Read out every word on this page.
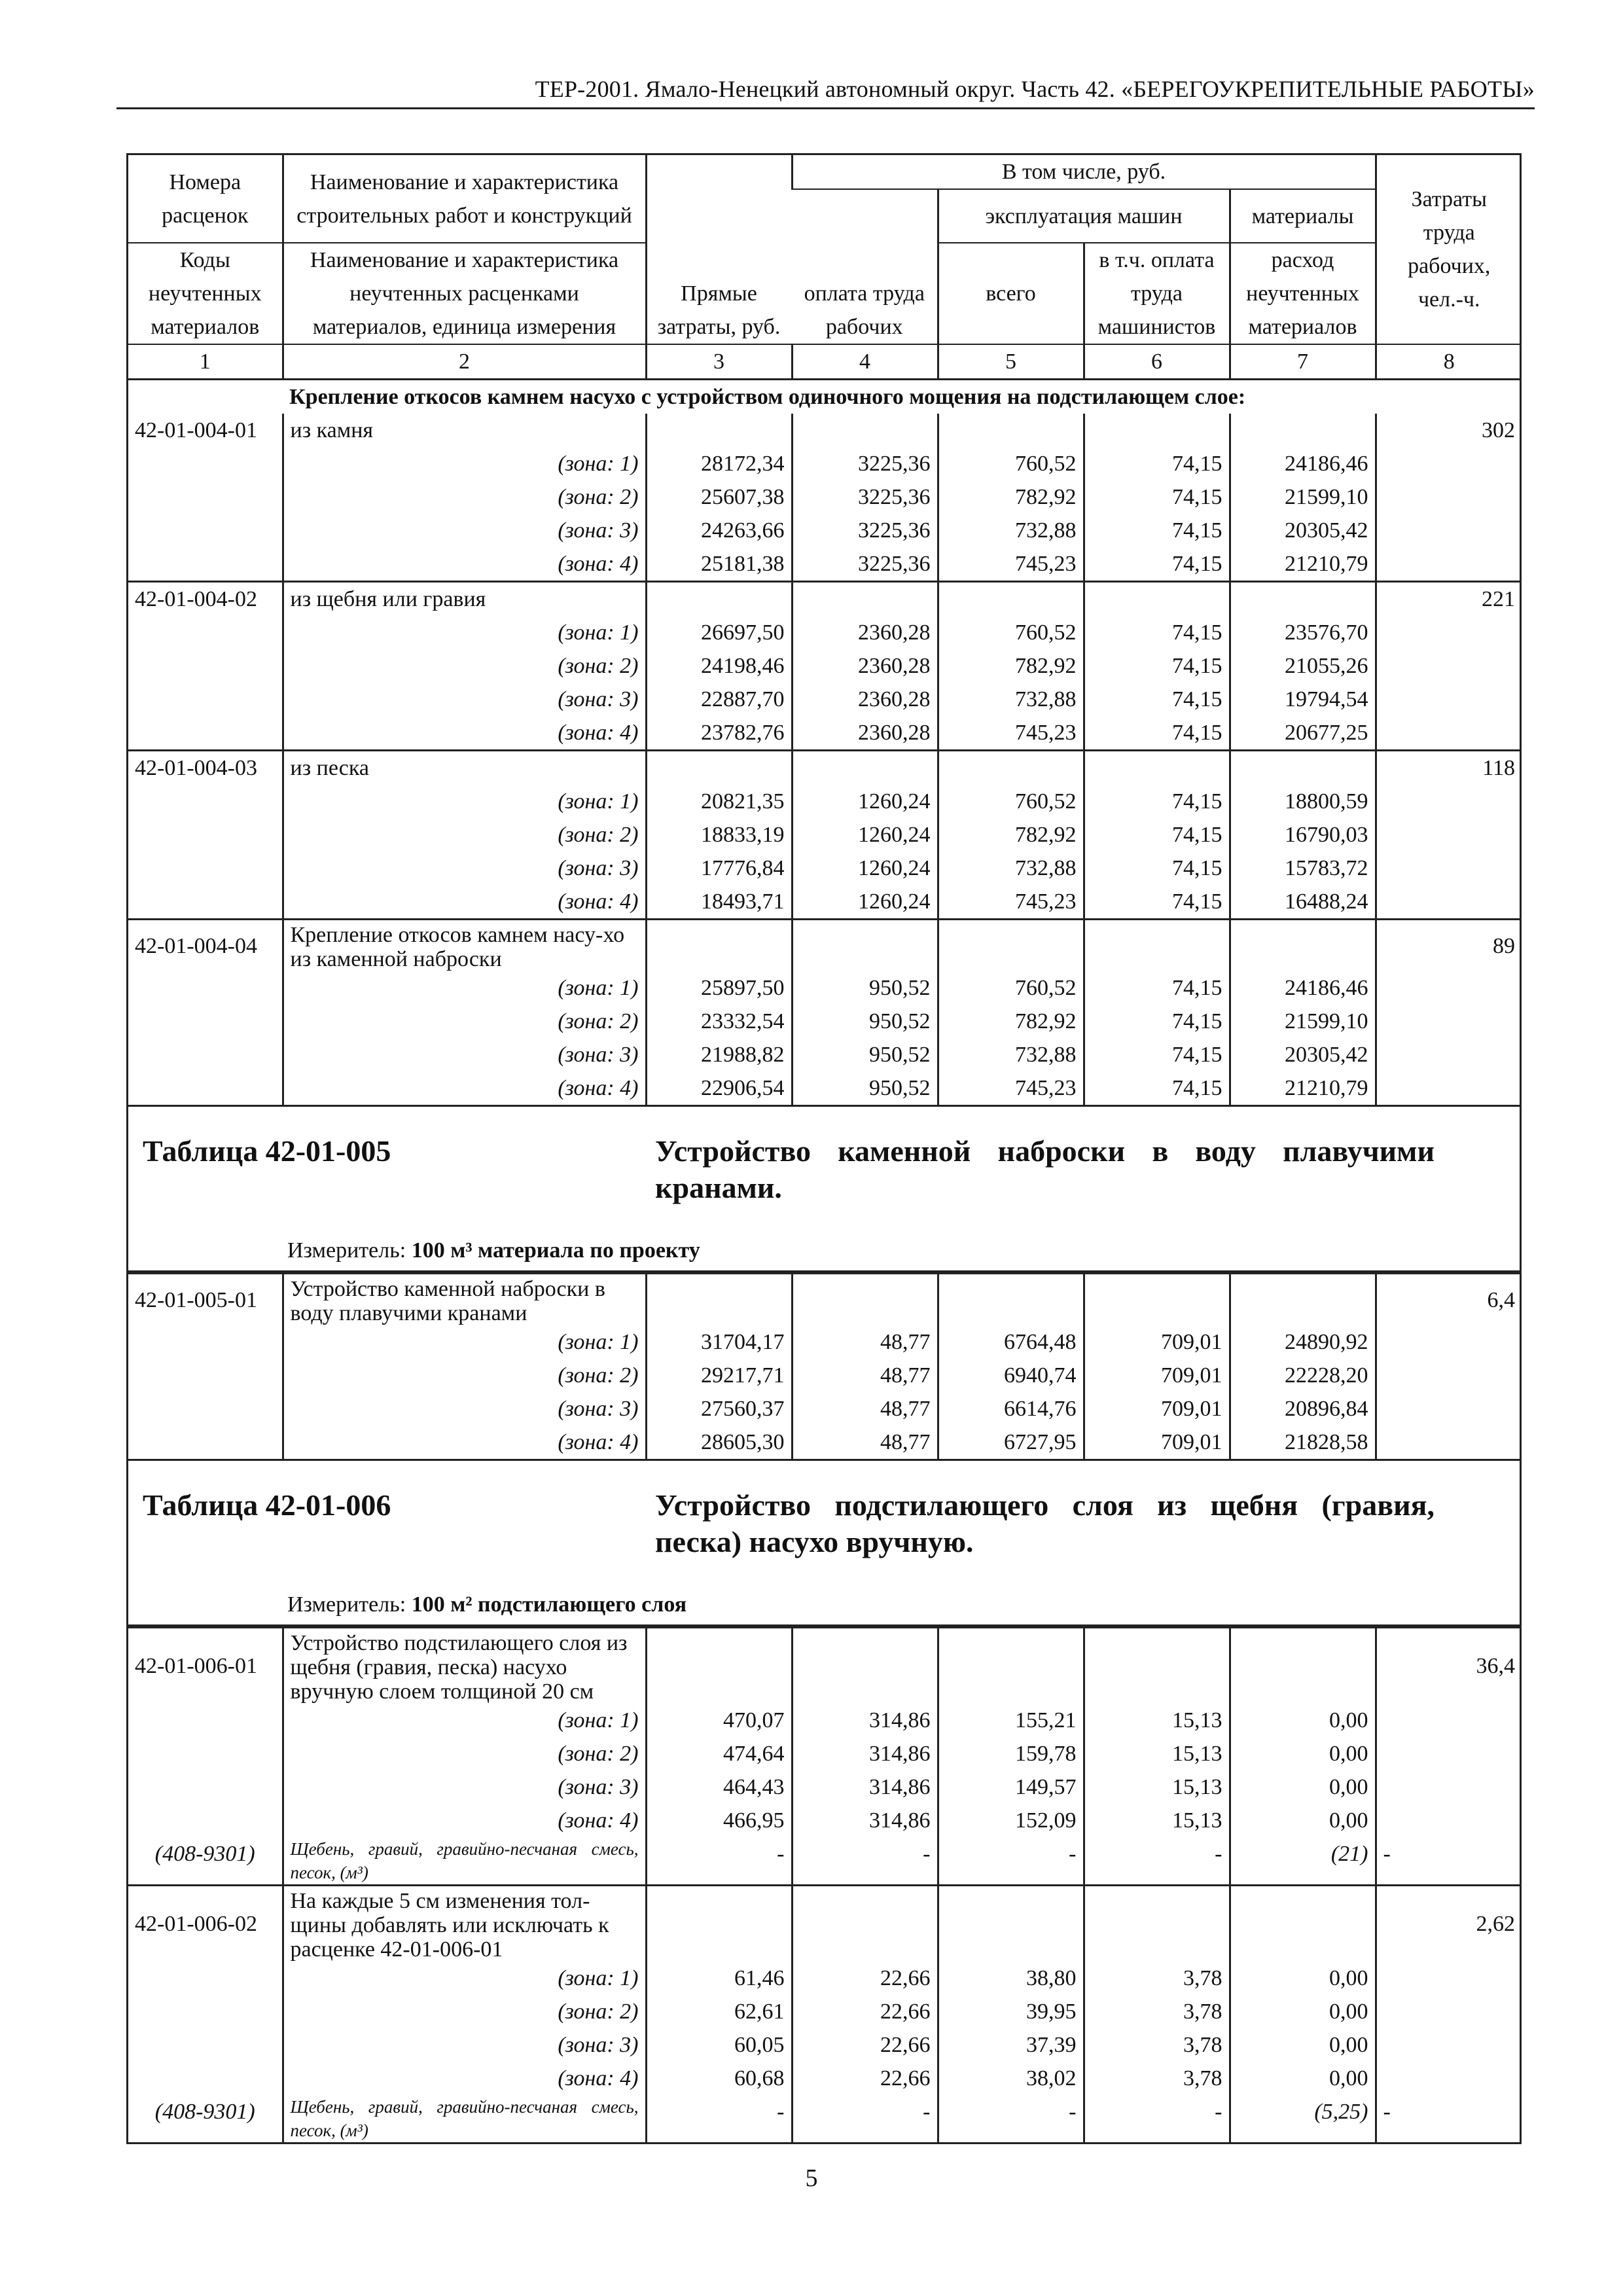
ТЕР-2001. Ямало-Ненецкий автономный округ. Часть 42. «БЕРЕГОУКРЕПИТЕЛЬНЫЕ РАБОТЫ»
Номера расценок	Наименование и характеристика строительных работ и конструкций	Прямые затраты, руб.	В том числе, руб.				Затраты труда рабочих, чел.-ч.
			оплата труда рабочих	эксплуатация машин		материалы	
Коды неучтенных материалов	Наименование и характеристика неучтенных расценками материалов, единица измерения			всего	в т.ч. оплата труда машинистов	расход неучтенных материалов	
1	2	3	4	5	6	7	8
	Крепление откосов камнем насухо с устройством одиночного мощения на подстилающем слое:						
42-01-004-01	из камня						302
	(зона: 1)	28172,34	3225,36	760,52	74,15	24186,46	
	(зона: 2)	25607,38	3225,36	782,92	74,15	21599,10	
	(зона: 3)	24263,66	3225,36	732,88	74,15	20305,42	
	(зона: 4)	25181,38	3225,36	745,23	74,15	21210,79	
42-01-004-02	из щебня или гравия						221
	(зона: 1)	26697,50	2360,28	760,52	74,15	23576,70	
	(зона: 2)	24198,46	2360,28	782,92	74,15	21055,26	
	(зона: 3)	22887,70	2360,28	732,88	74,15	19794,54	
	(зона: 4)	23782,76	2360,28	745,23	74,15	20677,25	
42-01-004-03	из песка						118
	(зона: 1)	20821,35	1260,24	760,52	74,15	18800,59	
	(зона: 2)	18833,19	1260,24	782,92	74,15	16790,03	
	(зона: 3)	17776,84	1260,24	732,88	74,15	15783,72	
	(зона: 4)	18493,71	1260,24	745,23	74,15	16488,24	
42-01-004-04	Крепление откосов камнем насу-хо из каменной наброски						89
	(зона: 1)	25897,50	950,52	760,52	74,15	24186,46	
	(зона: 2)	23332,54	950,52	782,92	74,15	21599,10	
	(зона: 3)	21988,82	950,52	732,88	74,15	20305,42	
	(зона: 4)	22906,54	950,52	745,23	74,15	21210,79	
Таблица 42-01-005	Устройство каменной наброски в воду плавучими кранами.
Измеритель: 100 м³ материала по проекту
42-01-005-01	Устройство каменной наброски в воду плавучими кранами						6,4
	(зона: 1)	31704,17	48,77	6764,48	709,01	24890,92	
	(зона: 2)	29217,71	48,77	6940,74	709,01	22228,20	
	(зона: 3)	27560,37	48,77	6614,76	709,01	20896,84	
	(зона: 4)	28605,30	48,77	6727,95	709,01	21828,58	
Таблица 42-01-006	Устройство подстилающего слоя из щебня (гравия, песка) насухо вручную.
Измеритель: 100 м² подстилающего слоя
42-01-006-01	Устройство подстилающего слоя из щебня (гравия, песка) насухо вручную слоем толщиной 20 см						36,4
	(зона: 1)	470,07	314,86	155,21	15,13	0,00	
	(зона: 2)	474,64	314,86	159,78	15,13	0,00	
	(зона: 3)	464,43	314,86	149,57	15,13	0,00	
	(зона: 4)	466,95	314,86	152,09	15,13	0,00	
(408-9301)	Щебень, гравий, гравийно-песчаная смесь, песок, (м³)	-	-	-	-	(21)	-
42-01-006-02	На каждые 5 см изменения тол-щины добавлять или исключать к расценке 42-01-006-01						2,62
	(зона: 1)	61,46	22,66	38,80	3,78	0,00	
	(зона: 2)	62,61	22,66	39,95	3,78	0,00	
	(зона: 3)	60,05	22,66	37,39	3,78	0,00	
	(зона: 4)	60,68	22,66	38,02	3,78	0,00	
(408-9301)	Щебень, гравий, гравийно-песчаная смесь, песок, (м³)	-	-	-	-	(5,25)	-
5
